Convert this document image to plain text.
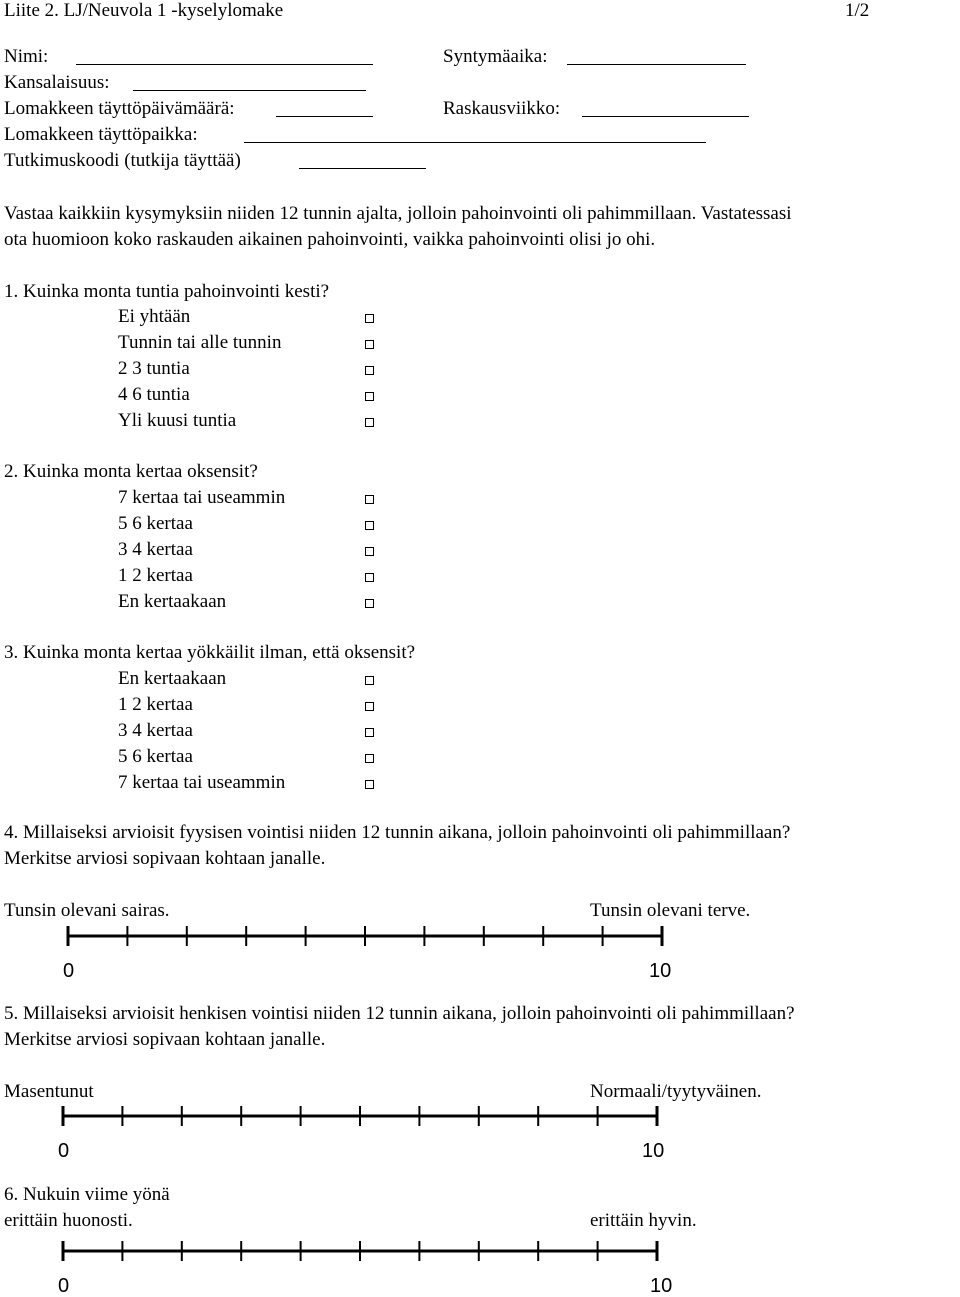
Liite 2. LJ/Neuvola 1 -kyselylomake	1/2
Nimi:	Syntymäaika:
Kansalaisuus:
Lomakkeen täyttöpäivämäärä:	Raskausviikko:
Lomakkeen täyttöpaikka:
Tutkimuskoodi (tutkija täyttää)
Vastaa kaikkiin kysymyksiin niiden 12 tunnin ajalta, jolloin pahoinvointi oli pahimmillaan. Vastatessasi
ota huomioon koko raskauden aikainen pahoinvointi, vaikka pahoinvointi olisi jo ohi.
1. Kuinka monta tuntia pahoinvointi kesti?
Ei yhtään
Tunnin tai alle tunnin
2 3 tuntia
4 6 tuntia
Yli kuusi tuntia
2. Kuinka monta kertaa oksensit?
7 kertaa tai useammin
5 6 kertaa
3 4 kertaa
1 2 kertaa
En kertaakaan
3. Kuinka monta kertaa yökkäilit ilman, että oksensit?
En kertaakaan
1 2 kertaa
3 4 kertaa
5 6 kertaa
7 kertaa tai useammin
4. Millaiseksi arvioisit fyysisen vointisi niiden 12 tunnin aikana, jolloin pahoinvointi oli pahimmillaan?
Merkitse arviosi sopivaan kohtaan janalle.
Tunsin olevani sairas.	Tunsin olevani terve.
0	10
5. Millaiseksi arvioisit henkisen vointisi niiden 12 tunnin aikana, jolloin pahoinvointi oli pahimmillaan?
Merkitse arviosi sopivaan kohtaan janalle.
Masentunut	Normaali/tyytyväinen.
0	10
6. Nukuin viime yönä
erittäin huonosti.	erittäin hyvin.
0	10
